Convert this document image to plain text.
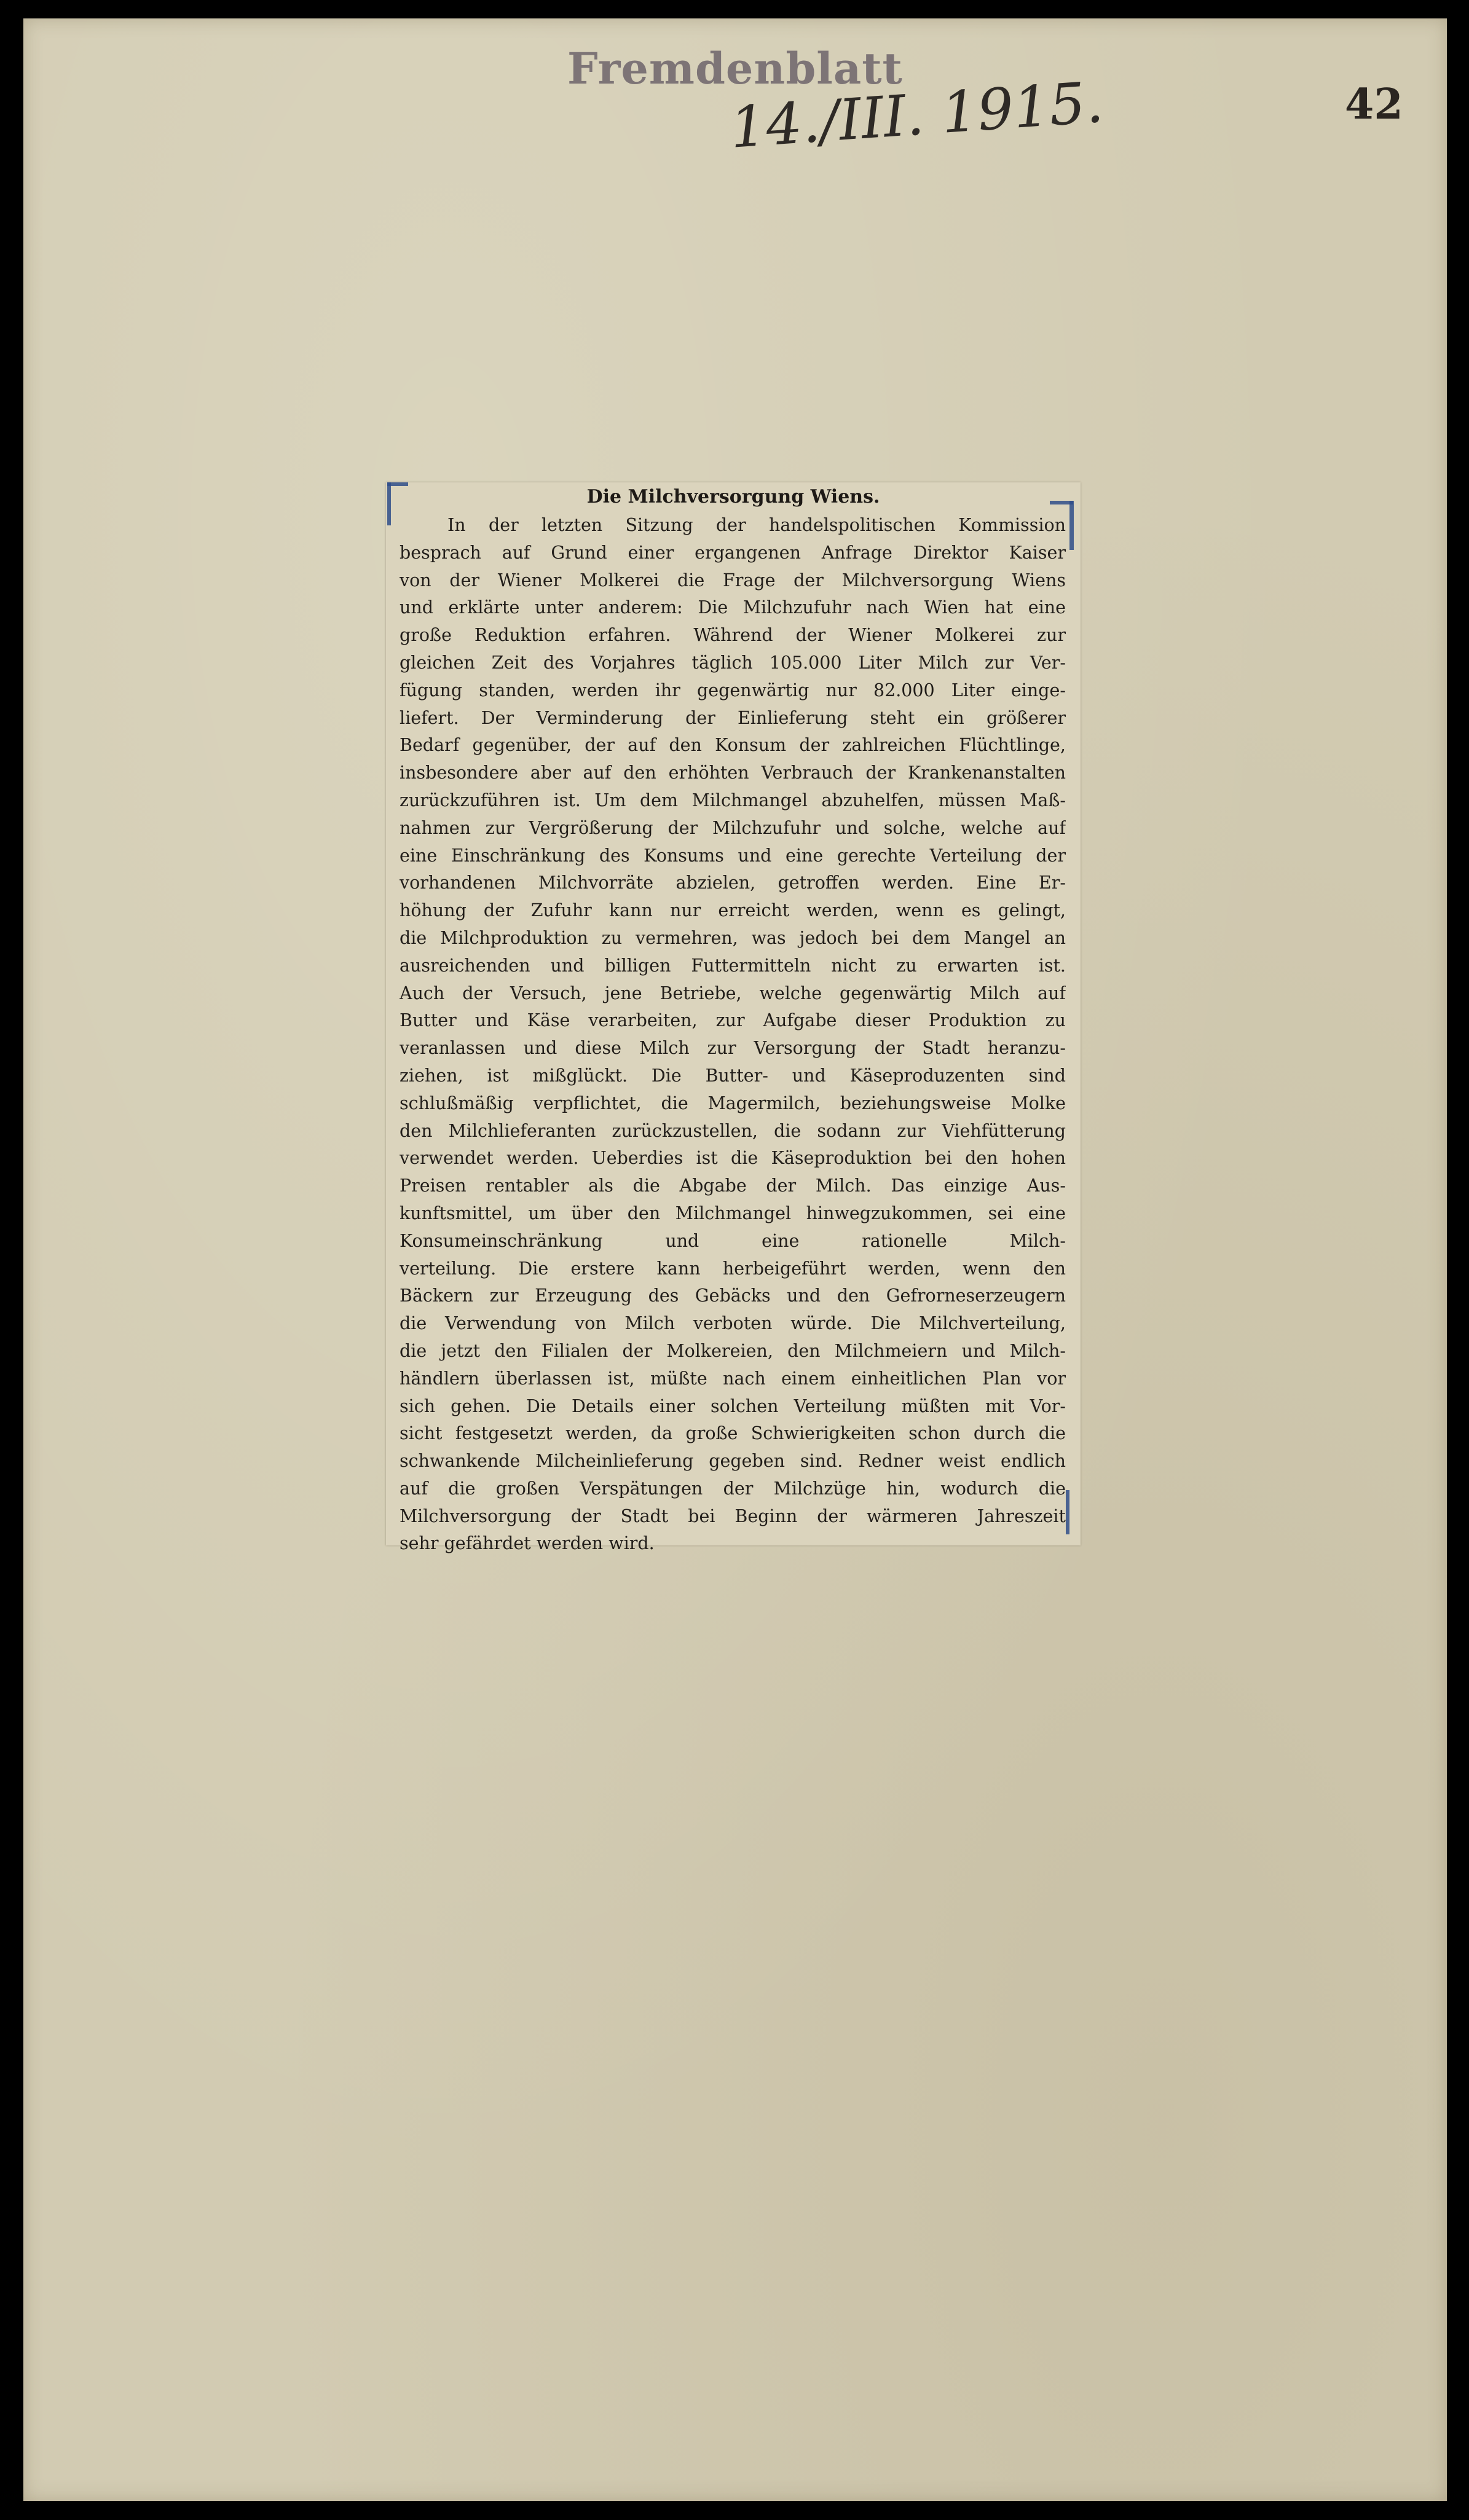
Fremdenblatt
14./III. 1915.	42
Die Milchversorgung Wiens.
In der letzten Sitzung der handelspolitischen Kommission
besprach auf Grund einer ergangenen Anfrage Direktor Kaiser
von der Wiener Molkerei die Frage der Milchversorgung Wiens
und erklärte unter anderem: Die Milchzufuhr nach Wien hat eine
große Reduktion erfahren. Während der Wiener Molkerei zur
gleichen Zeit des Vorjahres täglich 105.000 Liter Milch zur Ver-
fügung standen, werden ihr gegenwärtig nur 82.000 Liter einge-
liefert. Der Verminderung der Einlieferung steht ein größerer
Bedarf gegenüber, der auf den Konsum der zahlreichen Flüchtlinge,
insbesondere aber auf den erhöhten Verbrauch der Krankenanstalten
zurückzuführen ist. Um dem Milchmangel abzuhelfen, müssen Maß-
nahmen zur Vergrößerung der Milchzufuhr und solche, welche auf
eine Einschränkung des Konsums und eine gerechte Verteilung der
vorhandenen Milchvorräte abzielen, getroffen werden. Eine Er-
höhung der Zufuhr kann nur erreicht werden, wenn es gelingt,
die Milchproduktion zu vermehren, was jedoch bei dem Mangel an
ausreichenden und billigen Futtermitteln nicht zu erwarten ist.
Auch der Versuch, jene Betriebe, welche gegenwärtig Milch auf
Butter und Käse verarbeiten, zur Aufgabe dieser Produktion zu
veranlassen und diese Milch zur Versorgung der Stadt heranzu-
ziehen, ist mißglückt. Die Butter- und Käseproduzenten sind
schlußmäßig verpflichtet, die Magermilch, beziehungsweise Molke
den Milchlieferanten zurückzustellen, die sodann zur Viehfütterung
verwendet werden. Ueberdies ist die Käseproduktion bei den hohen
Preisen rentabler als die Abgabe der Milch. Das einzige Aus-
kunftsmittel, um über den Milchmangel hinwegzukommen, sei eine
Konsumeinschränkung und eine rationelle Milch-
verteilung. Die erstere kann herbeigeführt werden, wenn den
Bäckern zur Erzeugung des Gebäcks und den Gefrorneserzeugern
die Verwendung von Milch verboten würde. Die Milchverteilung,
die jetzt den Filialen der Molkereien, den Milchmeiern und Milch-
händlern überlassen ist, müßte nach einem einheitlichen Plan vor
sich gehen. Die Details einer solchen Verteilung müßten mit Vor-
sicht festgesetzt werden, da große Schwierigkeiten schon durch die
schwankende Milcheinlieferung gegeben sind. Redner weist endlich
auf die großen Verspätungen der Milchzüge hin, wodurch die
Milchversorgung der Stadt bei Beginn der wärmeren Jahreszeit
sehr gefährdet werden wird.
